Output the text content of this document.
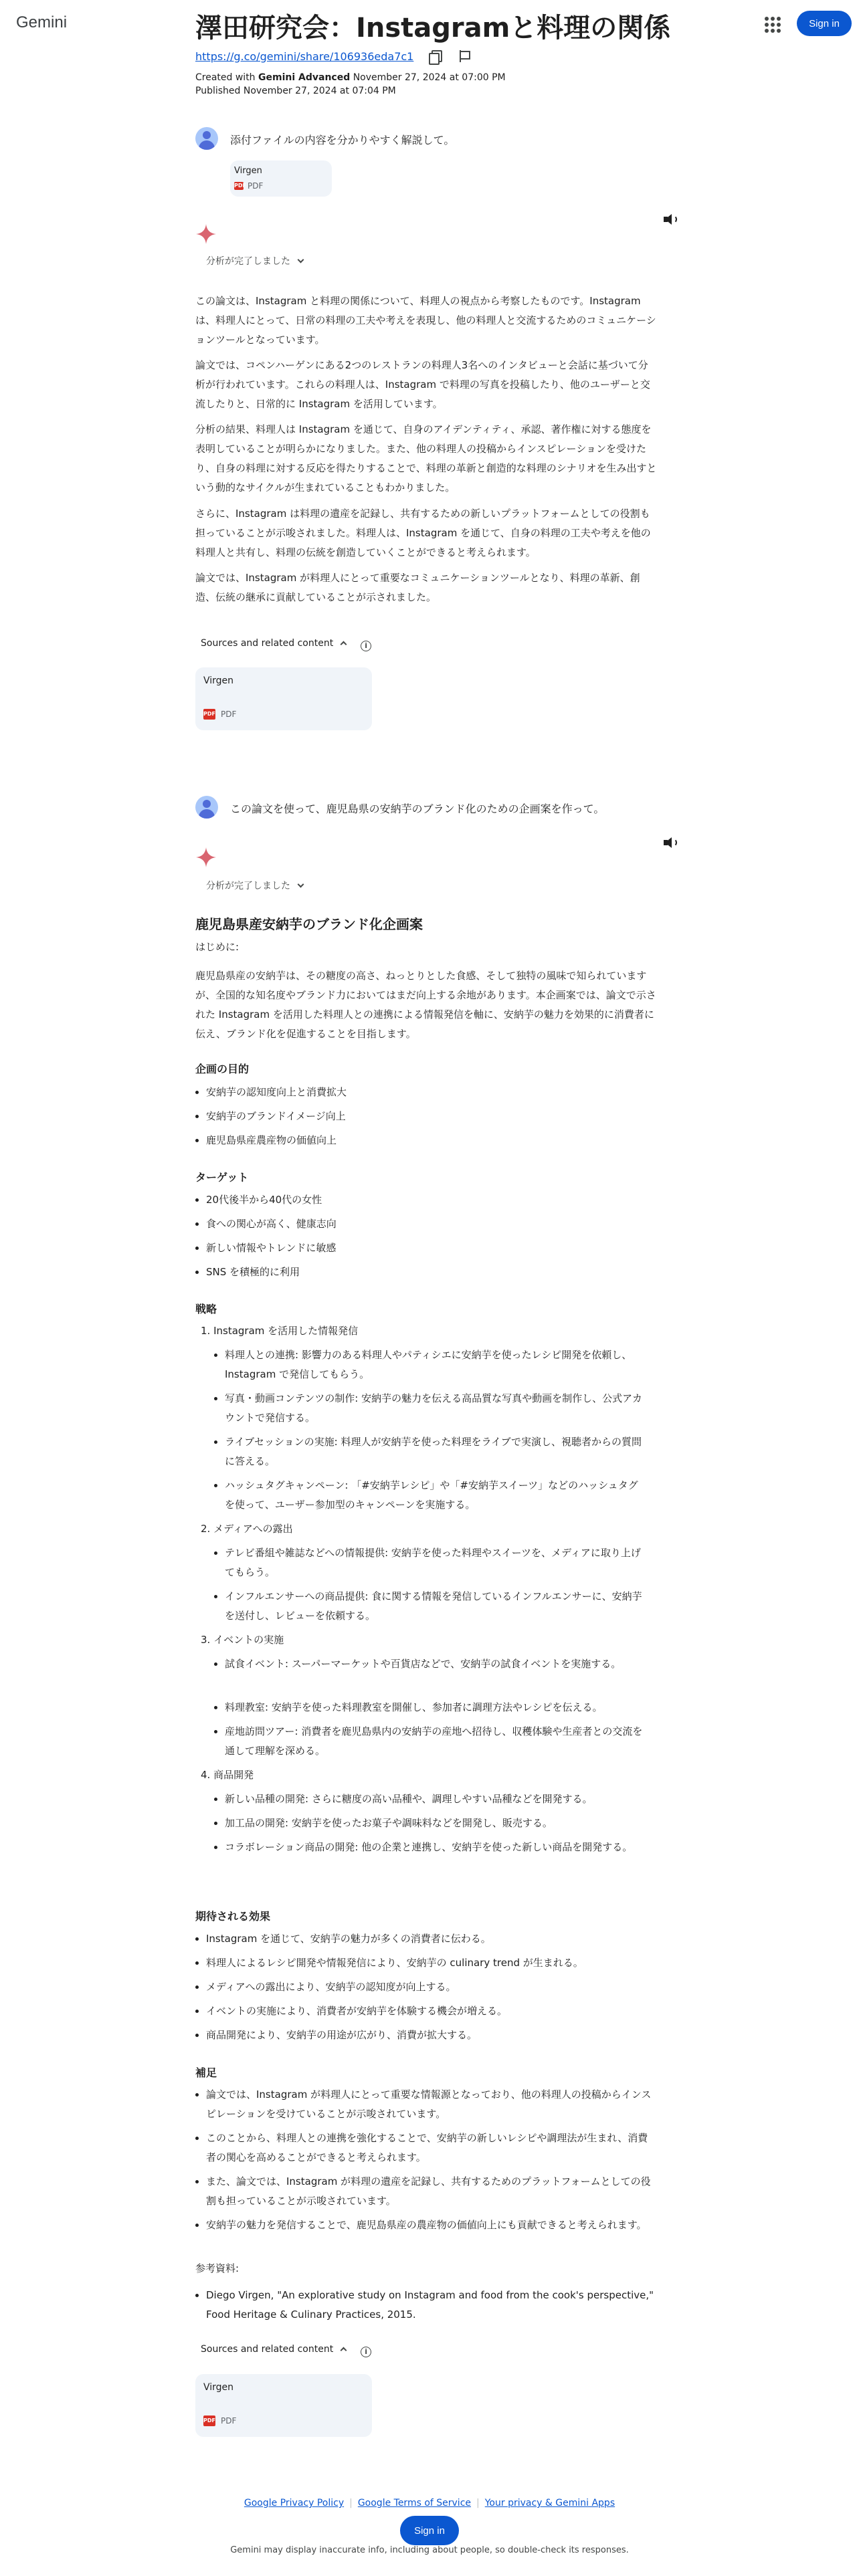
Gemini	Sign in
澤田研究会：Instagramと料理の関係
https://g.co/gemini/share/106936eda7c1
Created with Gemini Advanced November 27, 2024 at 07:00 PM
Published November 27, 2024 at 07:04 PM
添付ファイルの内容を分かりやすく解説して。
Virgen
PDF PDF
分析が完了しました
この論文は、Instagram と料理の関係について、料理人の視点から考察したものです。Instagram は、料理人にとって、日常の料理の工夫や考えを表現し、他の料理人と交流するためのコミュニケーションツールとなっています。
論文では、コペンハーゲンにある2つのレストランの料理人3名へのインタビューと会話に基づいて分析が行われています。これらの料理人は、Instagram で料理の写真を投稿したり、他のユーザーと交流したりと、日常的に Instagram を活用しています。
分析の結果、料理人は Instagram を通じて、自身のアイデンティティ、承認、著作権に対する態度を表明していることが明らかになりました。また、他の料理人の投稿からインスピレーションを受けたり、自身の料理に対する反応を得たりすることで、料理の革新と創造的な料理のシナリオを生み出すという動的なサイクルが生まれていることもわかりました。
さらに、Instagram は料理の遺産を記録し、共有するための新しいプラットフォームとしての役割も担っていることが示唆されました。料理人は、Instagram を通じて、自身の料理の工夫や考えを他の料理人と共有し、料理の伝統を創造していくことができると考えられます。
論文では、Instagram が料理人にとって重要なコミュニケーションツールとなり、料理の革新、創造、伝統の継承に貢献していることが示されました。
Sources and related content	i
Virgen
PDF PDF
この論文を使って、鹿児島県の安納芋のブランド化のための企画案を作って。
分析が完了しました
鹿児島県産安納芋のブランド化企画案
はじめに:
鹿児島県産の安納芋は、その糖度の高さ、ねっとりとした食感、そして独特の風味で知られていますが、全国的な知名度やブランド力においてはまだ向上する余地があります。本企画案では、論文で示された Instagram を活用した料理人との連携による情報発信を軸に、安納芋の魅力を効果的に消費者に伝え、ブランド化を促進することを目指します。
企画の目的
安納芋の認知度向上と消費拡大
安納芋のブランドイメージ向上
鹿児島県産農産物の価値向上
ターゲット
20代後半から40代の女性
食への関心が高く、健康志向
新しい情報やトレンドに敏感
SNS を積極的に利用
戦略
1. Instagram を活用した情報発信
料理人との連携: 影響力のある料理人やパティシエに安納芋を使ったレシピ開発を依頼し、Instagram で発信してもらう。
写真・動画コンテンツの制作: 安納芋の魅力を伝える高品質な写真や動画を制作し、公式アカウントで発信する。
ライブセッションの実施: 料理人が安納芋を使った料理をライブで実演し、視聴者からの質問に答える。
ハッシュタグキャンペーン: 「#安納芋レシピ」や「#安納芋スイーツ」などのハッシュタグを使って、ユーザー参加型のキャンペーンを実施する。
2. メディアへの露出
テレビ番組や雑誌などへの情報提供: 安納芋を使った料理やスイーツを、メディアに取り上げてもらう。
インフルエンサーへの商品提供: 食に関する情報を発信しているインフルエンサーに、安納芋を送付し、レビューを依頼する。
3. イベントの実施
試食イベント: スーパーマーケットや百貨店などで、安納芋の試食イベントを実施する。
料理教室: 安納芋を使った料理教室を開催し、参加者に調理方法やレシピを伝える。
産地訪問ツアー: 消費者を鹿児島県内の安納芋の産地へ招待し、収穫体験や生産者との交流を通して理解を深める。
4. 商品開発
新しい品種の開発: さらに糖度の高い品種や、調理しやすい品種などを開発する。
加工品の開発: 安納芋を使ったお菓子や調味料などを開発し、販売する。
コラボレーション商品の開発: 他の企業と連携し、安納芋を使った新しい商品を開発する。
期待される効果
Instagram を通じて、安納芋の魅力が多くの消費者に伝わる。
料理人によるレシピ開発や情報発信により、安納芋の culinary trend が生まれる。
メディアへの露出により、安納芋の認知度が向上する。
イベントの実施により、消費者が安納芋を体験する機会が増える。
商品開発により、安納芋の用途が広がり、消費が拡大する。
補足
論文では、Instagram が料理人にとって重要な情報源となっており、他の料理人の投稿からインスピレーションを受けていることが示唆されています。
このことから、料理人との連携を強化することで、安納芋の新しいレシピや調理法が生まれ、消費者の関心を高めることができると考えられます。
また、論文では、Instagram が料理の遺産を記録し、共有するためのプラットフォームとしての役割も担っていることが示唆されています。
安納芋の魅力を発信することで、鹿児島県産の農産物の価値向上にも貢献できると考えられます。
参考資料:
Diego Virgen, "An explorative study on Instagram and food from the cook's perspective," Food Heritage & Culinary Practices, 2015.
Sources and related content	i
Virgen
PDF PDF
Google Privacy Policy | Google Terms of Service | Your privacy & Gemini Apps
Sign in
Gemini may display inaccurate info, including about people, so double-check its responses.
